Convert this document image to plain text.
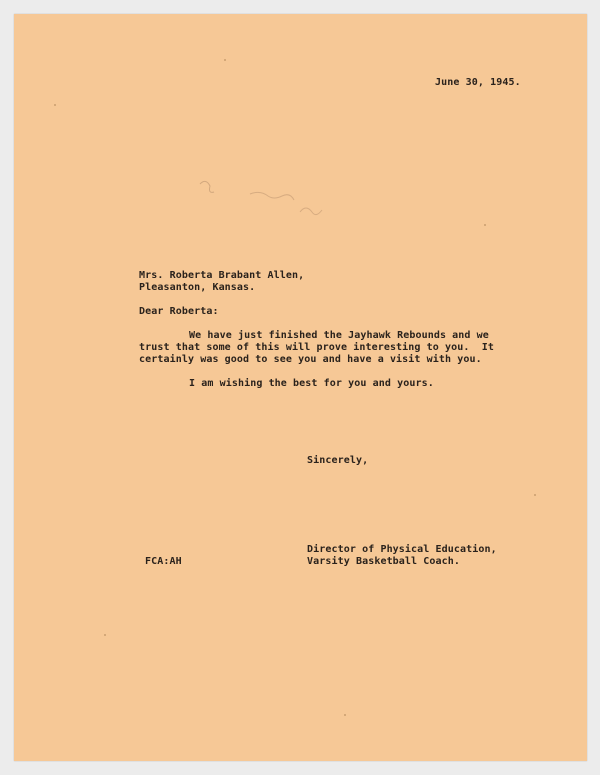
June 30, 1945.
Mrs. Roberta Brabant Allen,
Pleasanton, Kansas.
Dear Roberta:
We have just finished the Jayhawk Rebounds and we
trust that some of this will prove interesting to you.  It
certainly was good to see you and have a visit with you.
I am wishing the best for you and yours.
Sincerely,
Director of Physical Education,
Varsity Basketball Coach.
FCA:AH
